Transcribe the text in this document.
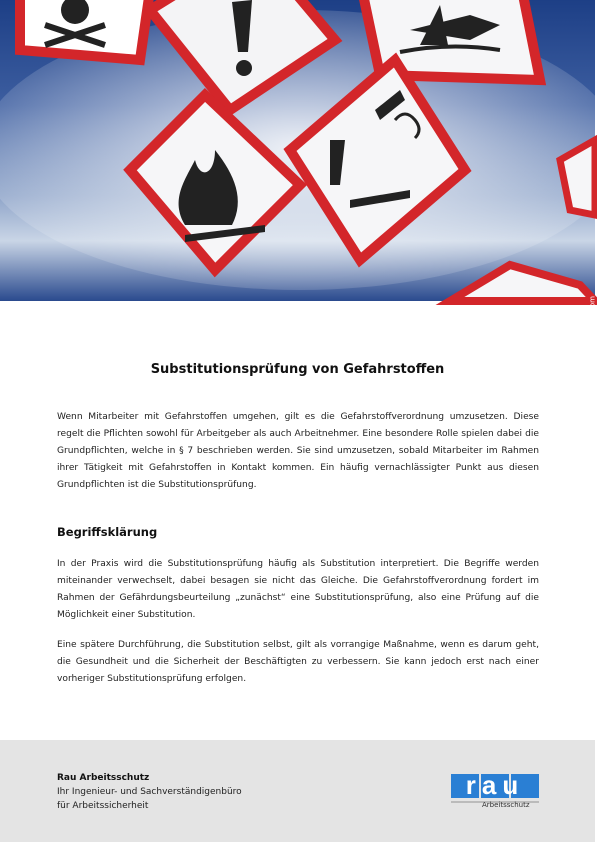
Foto: © emothemoira / stock.adobe.com
Substitutionsprüfung von Gefahrstoffen

Wenn Mitarbeiter mit Gefahrstoffen umgehen, gilt es die Gefahrstoffverordnung umzusetzen. Diese regelt die Pflichten sowohl für Arbeitgeber als auch Arbeitnehmer. Eine besondere Rolle spielen dabei die Grundpflichten, welche in § 7 beschrieben werden. Sie sind umzusetzen, sobald Mitarbeiter im Rahmen ihrer Tätigkeit mit Gefahrstoffen in Kontakt kommen. Ein häufig vernachlässigter Punkt aus diesen Grundpflichten ist die Substitutionsprüfung.

Begriffsklärung

In der Praxis wird die Substitutionsprüfung häufig als Substitution interpretiert. Die Begriffe werden miteinander verwechselt, dabei besagen sie nicht das Gleiche. Die Gefahrstoffverordnung fordert im Rahmen der Gefährdungsbeurteilung „zunächst“ eine Substitutionsprüfung, also eine Prüfung auf die Möglichkeit einer Substitution.

Eine spätere Durchführung, die Substitution selbst, gilt als vorrangige Maßnahme, wenn es darum geht, die Gesundheit und die Sicherheit der Beschäftigten zu verbessern. Sie kann jedoch erst nach einer vorheriger Substitutionsprüfung erfolgen.

Rau Arbeitsschutz
Ihr Ingenieur- und Sachverständigenbüro
für Arbeitssicherheit
rau
Arbeitsschutz
